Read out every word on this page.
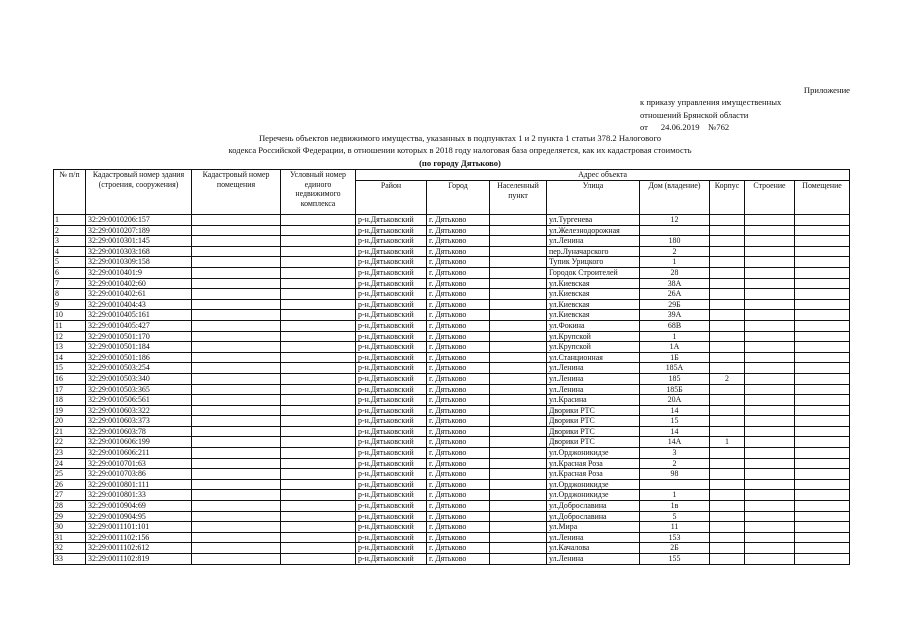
Приложение
к приказу управления имущественных
отношений Брянской области
от      24.06.2019    №762
Перечень объектов недвижимого имущества, указанных в подпунктах 1 и 2 пункта 1 статьи 378.2 Налогового
кодекса Российской Федерации, в отношении которых в 2018 году налоговая база определяется, как их кадастровая стоимость
(по городу Дятьково)
№ п/п	Кадастровый номер здания (строения, сооружения)	Кадастровый номер помещения	Условный номер единого недвижимого комплекса	Адрес объекта							
				Район	Город	Населенный пункт	Улица	Дом (владение)	Корпус	Строение	Помещение
1	32:29:0010206:157			р-н.Дятьковский	г. Дятьково		ул.Тургенева	12			
2	32:29:0010207:189			р-н.Дятьковский	г. Дятьково		ул.Железнодорожная				
3	32:29:0010301:145			р-н.Дятьковский	г. Дятьково		ул.Ленина	180			
4	32:29:0010303:168			р-н.Дятьковский	г. Дятьково		пер.Луначарского	2			
5	32:29:0010309:158			р-н.Дятьковский	г. Дятьково		Тупик Урицкого	1			
6	32:29:0010401:9			р-н.Дятьковский	г. Дятьково		Городок Строителей	28			
7	32:29:0010402:60			р-н.Дятьковский	г. Дятьково		ул.Киевская	38А			
8	32:29:0010402:61			р-н.Дятьковский	г. Дятьково		ул.Киевская	26А			
9	32:29:0010404:43			р-н.Дятьковский	г. Дятьково		ул.Киевская	29Б			
10	32:29:0010405:161			р-н.Дятьковский	г. Дятьково		ул.Киевская	39А			
11	32:29:0010405:427			р-н.Дятьковский	г. Дятьково		ул.Фокина	68В			
12	32:29:0010501:170			р-н.Дятьковский	г. Дятьково		ул.Крупской	1			
13	32:29:0010501:184			р-н.Дятьковский	г. Дятьково		ул.Крупской	1А			
14	32:29:0010501:186			р-н.Дятьковский	г. Дятьково		ул.Станционная	1Б			
15	32:29:0010503:254			р-н.Дятьковский	г. Дятьково		ул.Ленина	185А			
16	32:29:0010503:340			р-н.Дятьковский	г. Дятьково		ул.Ленина	185	2		
17	32:29:0010503:365			р-н.Дятьковский	г. Дятьково		ул.Ленина	185Б			
18	32:29:0010506:561			р-н.Дятьковский	г. Дятьково		ул.Красина	20А			
19	32:29:0010603:322			р-н.Дятьковский	г. Дятьково		Дворики РТС	14			
20	32:29:0010603:373			р-н.Дятьковский	г. Дятьково		Дворики РТС	15			
21	32:29:0010603:78			р-н.Дятьковский	г. Дятьково		Дворики РТС	14			
22	32:29:0010606:199			р-н.Дятьковский	г. Дятьково		Дворики РТС	14А	1		
23	32:29:0010606:211			р-н.Дятьковский	г. Дятьково		ул.Орджоникидзе	3			
24	32:29:0010701:63			р-н.Дятьковский	г. Дятьково		ул.Красная Роза	2			
25	32:29:0010703:86			р-н.Дятьковский	г. Дятьково		ул.Красная Роза	98			
26	32:29:0010801:111			р-н.Дятьковский	г. Дятьково		ул.Орджоникидзе				
27	32:29:0010801:33			р-н.Дятьковский	г. Дятьково		ул.Орджоникидзе	1			
28	32:29:0010904:69			р-н.Дятьковский	г. Дятьково		ул.Доброславина	1в			
29	32:29:0010904:95			р-н.Дятьковский	г. Дятьково		ул.Доброславина	5			
30	32:29:0011101:101			р-н.Дятьковский	г. Дятьково		ул.Мира	11			
31	32:29:0011102:156			р-н.Дятьковский	г. Дятьково		ул.Ленина	153			
32	32:29:0011102:612			р-н.Дятьковский	г. Дятьково		ул.Качалова	2Б			
33	32:29:0011102:819			р-н.Дятьковский	г. Дятьково		ул.Ленина	155			
